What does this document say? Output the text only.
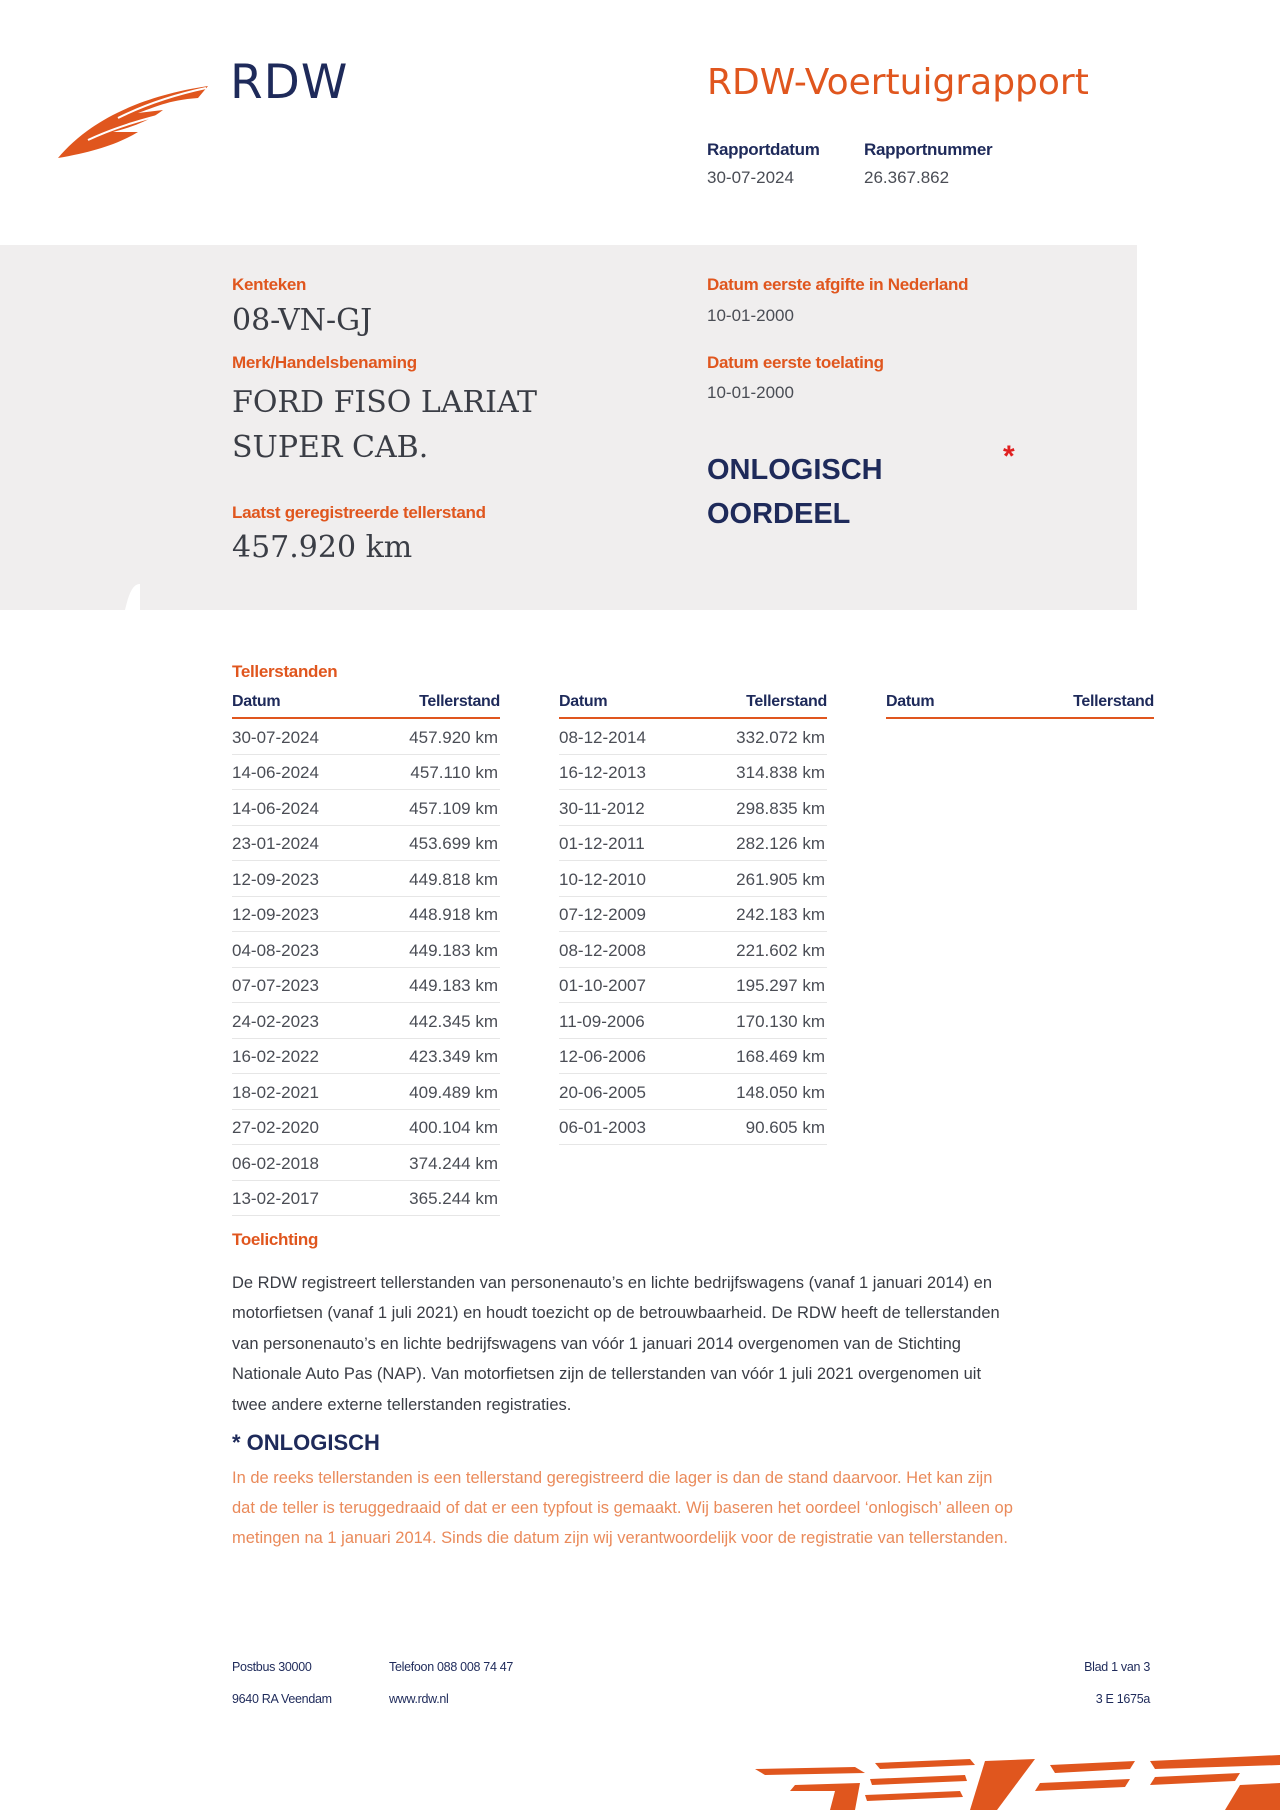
RDW	RDW-Voertuigrapport
Rapportdatum
30-07-2024
Rapportnummer
26.367.862
Kenteken
08-VN-GJ
Merk/Handelsbenaming
FORD FISO LARIAT
SUPER CAB.
Laatst geregistreerde tellerstand
457.920 km
Datum eerste afgifte in Nederland
10-01-2000
Datum eerste toelating
10-01-2000
ONLOGISCH
OORDEEL
*
Tellerstanden
Datum	Tellerstand
30-07-2024	457.920 km
14-06-2024	457.110 km
14-06-2024	457.109 km
23-01-2024	453.699 km
12-09-2023	449.818 km
12-09-2023	448.918 km
04-08-2023	449.183 km
07-07-2023	449.183 km
24-02-2023	442.345 km
16-02-2022	423.349 km
18-02-2021	409.489 km
27-02-2020	400.104 km
06-02-2018	374.244 km
13-02-2017	365.244 km
Datum	Tellerstand
08-12-2014	332.072 km
16-12-2013	314.838 km
30-11-2012	298.835 km
01-12-2011	282.126 km
10-12-2010	261.905 km
07-12-2009	242.183 km
08-12-2008	221.602 km
01-10-2007	195.297 km
11-09-2006	170.130 km
12-06-2006	168.469 km
20-06-2005	148.050 km
06-01-2003	90.605 km
Datum	Tellerstand
Toelichting
De RDW registreert tellerstanden van personenauto’s en lichte bedrijfswagens (vanaf 1 januari 2014) en
motorfietsen (vanaf 1 juli 2021) en houdt toezicht op de betrouwbaarheid. De RDW heeft de tellerstanden
van personenauto’s en lichte bedrijfswagens van vóór 1 januari 2014 overgenomen van de Stichting
Nationale Auto Pas (NAP). Van motorfietsen zijn de tellerstanden van vóór 1 juli 2021 overgenomen uit
twee andere externe tellerstanden registraties.
* ONLOGISCH
In de reeks tellerstanden is een tellerstand geregistreerd die lager is dan de stand daarvoor. Het kan zijn
dat de teller is teruggedraaid of dat er een typfout is gemaakt. Wij baseren het oordeel ‘onlogisch’ alleen op
metingen na 1 januari 2014. Sinds die datum zijn wij verantwoordelijk voor de registratie van tellerstanden.
Postbus 30000
9640 RA Veendam
Telefoon 088 008 74 47
www.rdw.nl
Blad 1 van 3
3 E 1675a
